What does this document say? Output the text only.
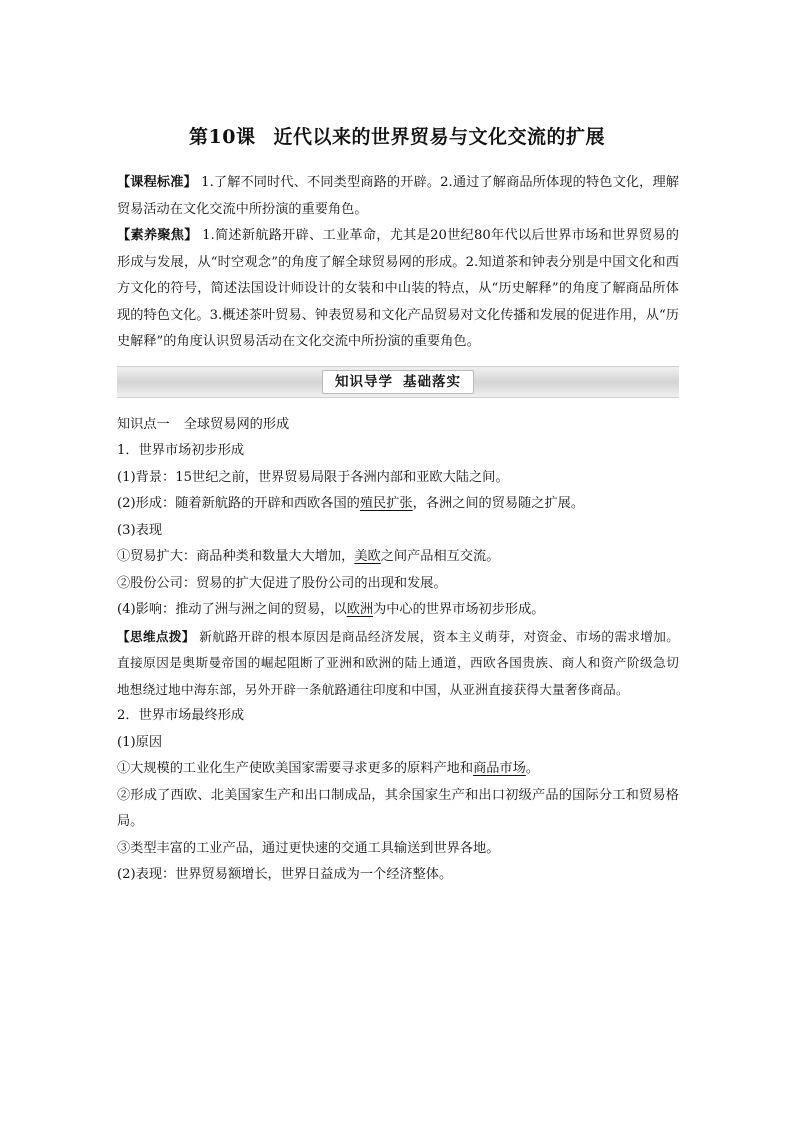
第10课 近代以来的世界贸易与文化交流的扩展

【课程标准】 1.了解不同时代、不同类型商路的开辟。2.通过了解商品所体现的特色文化，理解贸易活动在文化交流中所扮演的重要角色。

【素养聚焦】 1.简述新航路开辟、工业革命，尤其是20世纪80年代以后世界市场和世界贸易的形成与发展，从“时空观念”的角度了解全球贸易网的形成。2.知道茶和钟表分别是中国文化和西方文化的符号，简述法国设计师设计的女装和中山装的特点，从“历史解释”的角度了解商品所体现的特色文化。3.概述茶叶贸易、钟表贸易和文化产品贸易对文化传播和发展的促进作用，从“历史解释”的角度认识贸易活动在文化交流中所扮演的重要角色。

知识导学 基础落实

知识点一 全球贸易网的形成

1．世界市场初步形成

(1)背景：15世纪之前，世界贸易局限于各洲内部和亚欧大陆之间。

(2)形成：随着新航路的开辟和西欧各国的殖民扩张，各洲之间的贸易随之扩展。

(3)表现

①贸易扩大：商品种类和数量大大增加，美欧之间产品相互交流。

②股份公司：贸易的扩大促进了股份公司的出现和发展。

(4)影响：推动了洲与洲之间的贸易，以欧洲为中心的世界市场初步形成。

【思维点拨】 新航路开辟的根本原因是商品经济发展，资本主义萌芽，对资金、市场的需求增加。直接原因是奥斯曼帝国的崛起阻断了亚洲和欧洲的陆上通道，西欧各国贵族、商人和资产阶级急切地想绕过地中海东部，另外开辟一条航路通往印度和中国，从亚洲直接获得大量奢侈商品。

2．世界市场最终形成

(1)原因

①大规模的工业化生产使欧美国家需要寻求更多的原料产地和商品市场。

②形成了西欧、北美国家生产和出口制成品，其余国家生产和出口初级产品的国际分工和贸易格局。

③类型丰富的工业产品，通过更快速的交通工具输送到世界各地。

(2)表现：世界贸易额增长，世界日益成为一个经济整体。
